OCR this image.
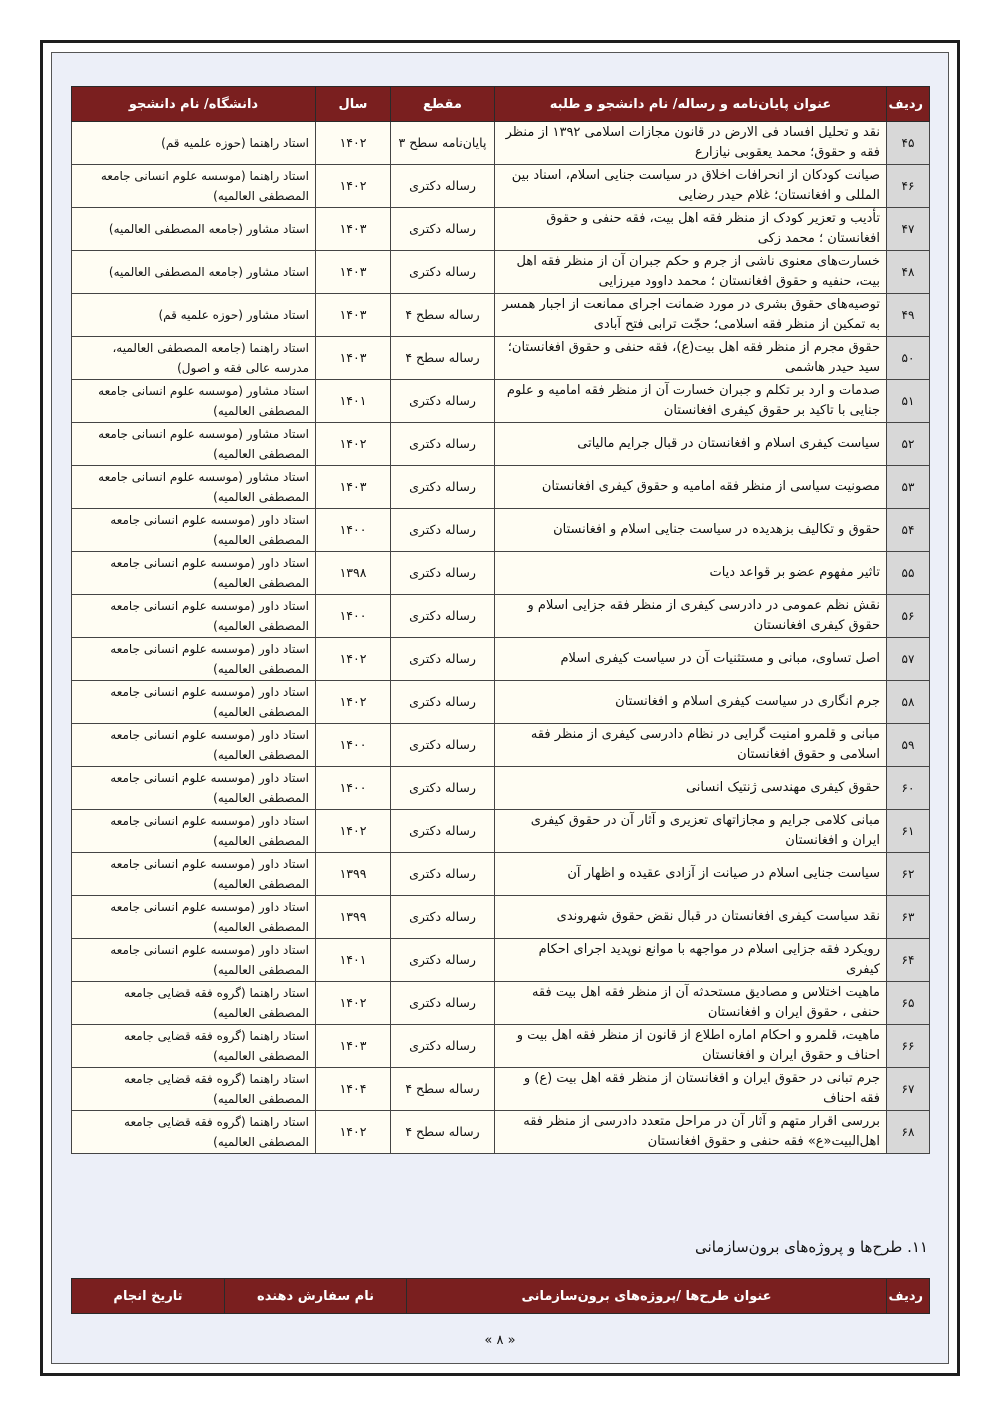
ردیف	عنوان پایان‌نامه و رساله/ نام دانشجو و طلبه	مقطع	سال	دانشگاه/ نام دانشجو
۴۵	نقد و تحلیل افساد فی الارض در قانون مجازات اسلامی ۱۳۹۲ از منظر فقه و حقوق؛ محمد یعقوبی نیازارع	پایان‌نامه سطح ۳	۱۴۰۲	استاد راهنما (حوزه علمیه قم)
۴۶	صیانت کودکان از انحرافات اخلاق در سیاست جنایی اسلام، اسناد بین المللی و افغانستان؛ غلام حیدر رضایی	رساله دکتری	۱۴۰۲	استاد راهنما (موسسه علوم انسانی جامعه المصطفی العالمیه)
۴۷	تأدیب و تعزیر کودک از منظر فقه اهل بیت، فقه حنفی و حقوق افغانستان ؛ محمد زکی	رساله دکتری	۱۴۰۳	استاد مشاور (جامعه المصطفی العالمیه)
۴۸	خسارت‌های معنوی ناشی از جرم و حکم جبران آن از منظر فقه اهل بیت، حنفیه و حقوق افغانستان ؛ محمد داوود میرزایی	رساله دکتری	۱۴۰۳	استاد مشاور (جامعه المصطفی العالمیه)
۴۹	توصیه‌های حقوق بشری در مورد ضمانت اجرای ممانعت از اجبار همسر به تمکین از منظر فقه اسلامی؛ حجّت ترابی فتح آبادی	رساله سطح ۴	۱۴۰۳	استاد مشاور (حوزه علمیه قم)
۵۰	حقوق مجرم از منظر فقه اهل بیت(ع)، فقه حنفی و حقوق افغانستان؛ سید حیدر هاشمی	رساله سطح ۴	۱۴۰۳	استاد راهنما (جامعه المصطفی العالمیه، مدرسه عالی فقه و اصول)
۵۱	صدمات و ارد بر تکلم و جبران خسارت آن از منظر فقه امامیه و علوم جنایی با تاکید بر حقوق کیفری افغانستان	رساله دکتری	۱۴۰۱	استاد مشاور (موسسه علوم انسانی جامعه المصطفی العالمیه)
۵۲	سیاست کیفری اسلام و افغانستان در قبال جرایم مالیاتی	رساله دکتری	۱۴۰۲	استاد مشاور (موسسه علوم انسانی جامعه المصطفی العالمیه)
۵۳	مصونیت سیاسی از منظر فقه امامیه و حقوق کیفری افغانستان	رساله دکتری	۱۴۰۳	استاد مشاور (موسسه علوم انسانی جامعه المصطفی العالمیه)
۵۴	حقوق و تکالیف بزهدیده در سیاست جنایی اسلام و افغانستان	رساله دکتری	۱۴۰۰	استاد داور (موسسه علوم انسانی جامعه المصطفی العالمیه)
۵۵	تاثیر مفهوم عضو بر قواعد دیات	رساله دکتری	۱۳۹۸	استاد داور (موسسه علوم انسانی جامعه المصطفی العالمیه)
۵۶	نقش نظم عمومی در دادرسی کیفری از منظر فقه جزایی اسلام و حقوق کیفری افغانستان	رساله دکتری	۱۴۰۰	استاد داور (موسسه علوم انسانی جامعه المصطفی العالمیه)
۵۷	اصل تساوی، مبانی و مستثنیات آن در سیاست کیفری اسلام	رساله دکتری	۱۴۰۲	استاد داور (موسسه علوم انسانی جامعه المصطفی العالمیه)
۵۸	جرم انگاری در سیاست کیفری اسلام و افغانستان	رساله دکتری	۱۴۰۲	استاد داور (موسسه علوم انسانی جامعه المصطفی العالمیه)
۵۹	مبانی و قلمرو امنیت گرایی در نظام دادرسی کیفری از منظر فقه اسلامی و حقوق افغانستان	رساله دکتری	۱۴۰۰	استاد داور (موسسه علوم انسانی جامعه المصطفی العالمیه)
۶۰	حقوق کیفری مهندسی ژنتیک انسانی	رساله دکتری	۱۴۰۰	استاد داور (موسسه علوم انسانی جامعه المصطفی العالمیه)
۶۱	مبانی کلامی جرایم و مجازاتهای تعزیری و آثار آن در حقوق کیفری ایران و افغانستان	رساله دکتری	۱۴۰۲	استاد داور (موسسه علوم انسانی جامعه المصطفی العالمیه)
۶۲	سیاست جنایی اسلام در صیانت از آزادی عقیده و اظهار آن	رساله دکتری	۱۳۹۹	استاد داور (موسسه علوم انسانی جامعه المصطفی العالمیه)
۶۳	نقد سیاست کیفری افغانستان در قبال نقض حقوق شهروندی	رساله دکتری	۱۳۹۹	استاد داور (موسسه علوم انسانی جامعه المصطفی العالمیه)
۶۴	رویکرد فقه جزایی اسلام در مواجهه با موانع نوپدید اجرای احکام کیفری	رساله دکتری	۱۴۰۱	استاد داور (موسسه علوم انسانی جامعه المصطفی العالمیه)
۶۵	ماهیت اختلاس و مصادیق مستحدثه آن از منظر فقه اهل بیت فقه حنفی ، حقوق ایران و افغانستان	رساله دکتری	۱۴۰۲	استاد راهنما (گروه فقه قضایی جامعه المصطفی العالمیه)
۶۶	ماهیت، قلمرو و احکام اماره اطلاع از قانون از منظر فقه اهل بیت و احناف و حقوق ایران و افغانستان	رساله دکتری	۱۴۰۳	استاد راهنما (گروه فقه قضایی جامعه المصطفی العالمیه)
۶۷	جرم تبانی در حقوق ایران و افغانستان از منظر فقه اهل بیت (ع) و فقه احناف	رساله سطح ۴	۱۴۰۴	استاد راهنما (گروه فقه قضایی جامعه المصطفی العالمیه)
۶۸	بررسی اقرار متهم و آثار آن در مراحل متعدد دادرسی از منظر فقه اهل‌البیت«ع» فقه حنفی و حقوق افغانستان	رساله سطح ۴	۱۴۰۲	استاد راهنما (گروه فقه قضایی جامعه المصطفی العالمیه)
۱۱. طرح‌ها و پروژه‌های برون‌سازمانی
ردیف	عنوان طرح‌ها /پروژه‌های برون‌سازمانی	نام سفارش دهنده	تاریخ انجام
« ۸ »
